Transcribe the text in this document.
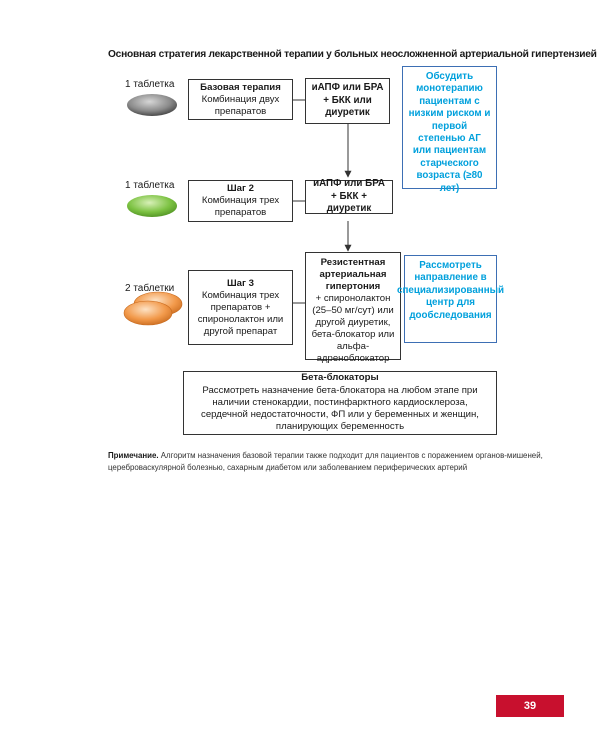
Основная стратегия лекарственной терапии у больных неосложненной артериальной гипертензией
1 таблетка	Базовая терапия
Комбинация двух препаратов
иАПФ или БРА + БКК или диуретик
Обсудить монотерапию пациентам с низким риском и первой степенью АГ или пациентам старческого возраста (≥80 лет)
1 таблетка	Шаг 2
Комбинация трех препаратов
иАПФ или БРА + БКК + диуретик
2 таблетки	Шаг 3
Комбинация трех препаратов + спиронолактон или другой препарат
Резистентная артериальная гипертония
+ спиронолактон (25–50 мг/сут) или другой диуретик, бета-блокатор или альфа-адреноблокатор
Рассмотреть направление в специализированный центр для дообследования
Бета-блокаторы
Рассмотреть назначение бета-блокатора на любом этапе при наличии стенокардии, постинфарктного кардиосклероза, сердечной недостаточности, ФП или у беременных и женщин, планирующих беременность
Примечание. Алгоритм назначения базовой терапии также подходит для пациентов с поражением органов-мишеней, цереброваскулярной болезнью, сахарным диабетом или заболеванием периферических артерий
39
